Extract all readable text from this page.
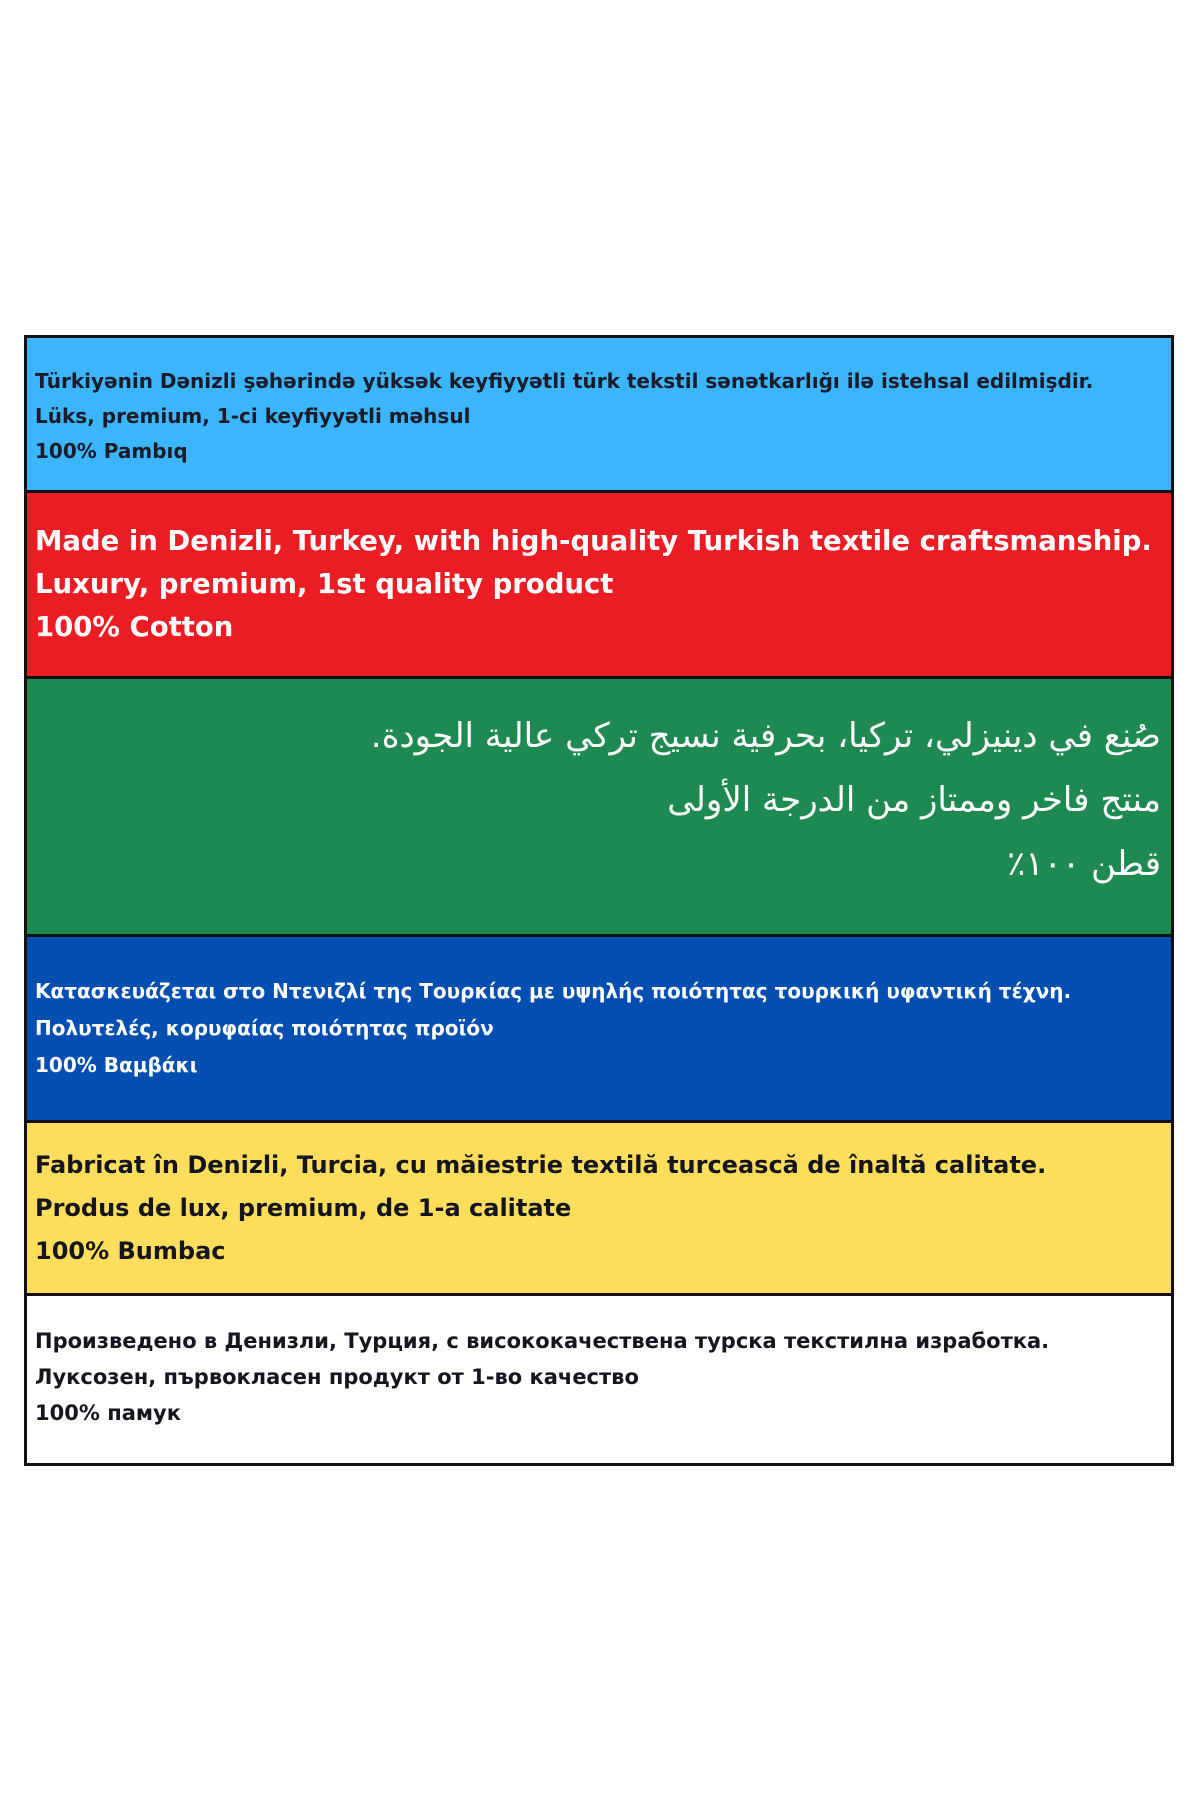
Türkiyənin Dənizli şəhərində yüksək keyfiyyətli türk tekstil sənətkarlığı ilə istehsal edilmişdir.
Lüks, premium, 1-ci keyfiyyətli məhsul
100% Pambıq
Made in Denizli, Turkey, with high-quality Turkish textile craftsmanship.
Luxury, premium, 1st quality product
100% Cotton
صُنِع في دينيزلي، تركيا، بحرفية نسيج تركي عالية الجودة.
منتج فاخر وممتاز من الدرجة الأولى
قطن ١٠٠٪
Κατασκευάζεται στο Ντενιζλί της Τουρκίας με υψηλής ποιότητας τουρκική υφαντική τέχνη.
Πολυτελές, κορυφαίας ποιότητας προϊόν
100% Βαμβάκι
Fabricat în Denizli, Turcia, cu măiestrie textilă turcească de înaltă calitate.
Produs de lux, premium, de 1-a calitate
100% Bumbac
Произведено в Денизли, Турция, с висококачествена турска текстилна изработка.
Луксозен, първокласен продукт от 1-во качество
100% памук
